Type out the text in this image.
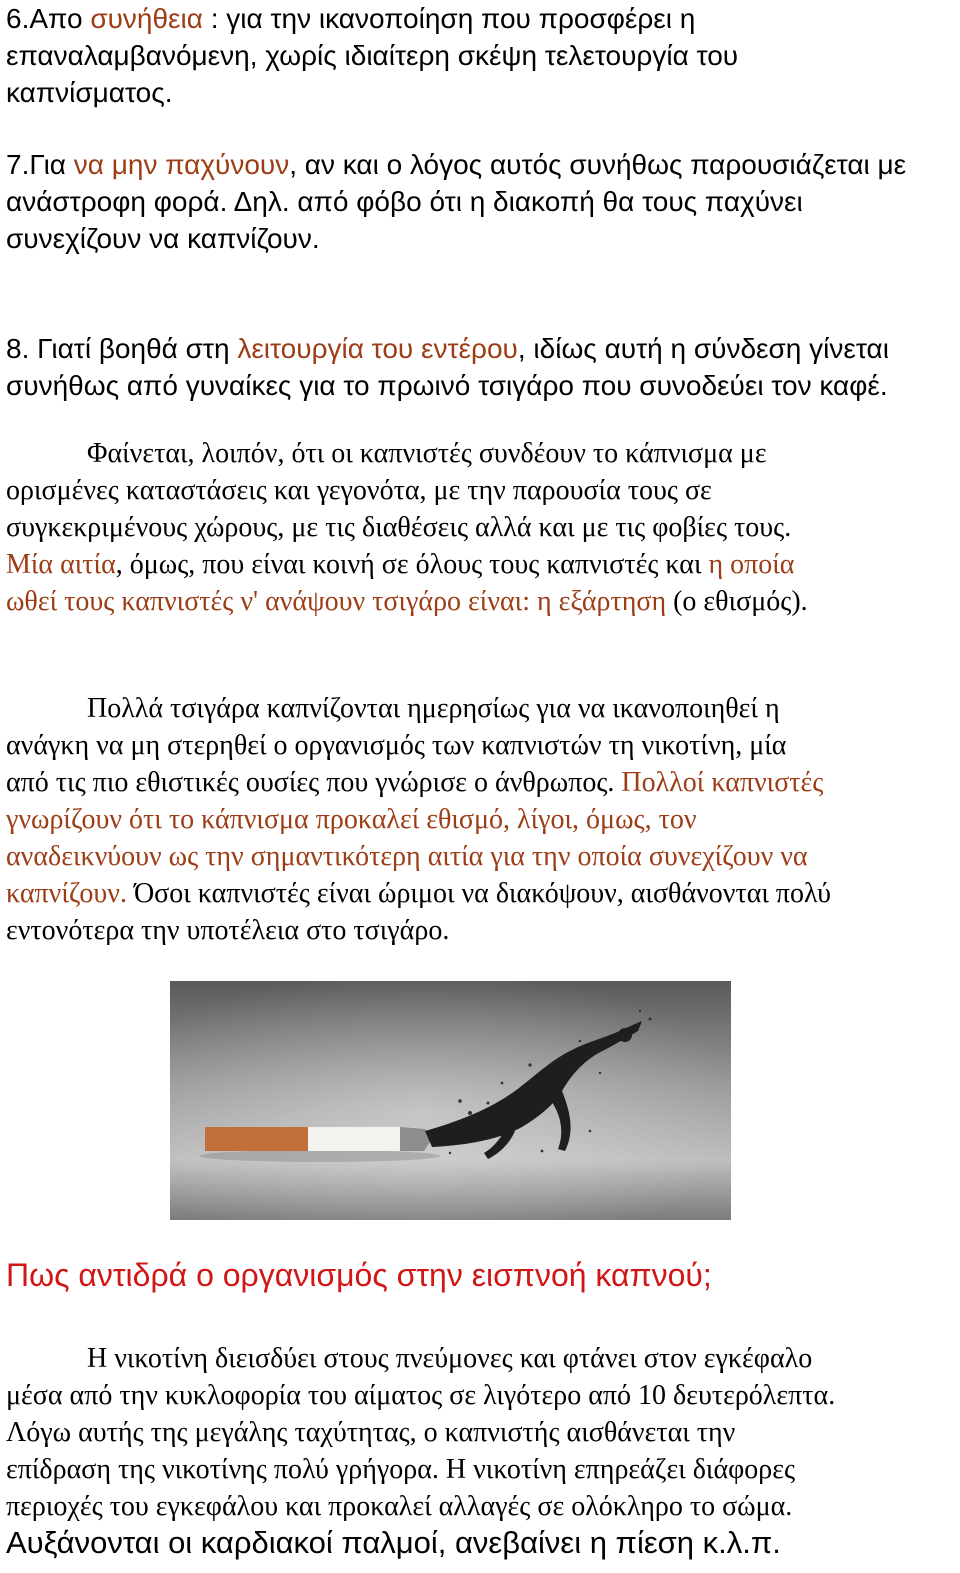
6.Απο συνήθεια : για την ικανοποίηση που προσφέρει η
επαναλαμβανόμενη, χωρίς ιδιαίτερη σκέψη τελετουργία του
καπνίσματος.
7.Για να μην παχύνουν, αν και ο λόγος αυτός συνήθως παρουσιάζεται με
ανάστροφη φορά. Δηλ. από φόβο ότι η διακοπή θα τους παχύνει
συνεχίζουν να καπνίζουν.
8. Γιατί βοηθά στη λειτουργία του εντέρου, ιδίως αυτή η σύνδεση γίνεται
συνήθως από γυναίκες για το πρωινό τσιγάρο που συνοδεύει τον καφέ.
Φαίνεται, λοιπόν, ότι οι καπνιστές συνδέουν το κάπνισμα με
ορισμένες καταστάσεις και γεγονότα, με την παρουσία τους σε
συγκεκριμένους χώρους, με τις διαθέσεις αλλά και με τις φοβίες τους.
Μία αιτία, όμως, που είναι κοινή σε όλους τους καπνιστές και η οποία
ωθεί τους καπνιστές ν' ανάψουν τσιγάρο είναι: η εξάρτηση (ο εθισμός).
Πολλά τσιγάρα καπνίζονται ημερησίως για να ικανοποιηθεί η
ανάγκη να μη στερηθεί ο οργανισμός των καπνιστών τη νικοτίνη, μία
από τις πιο εθιστικές ουσίες που γνώρισε ο άνθρωπος. Πολλοί καπνιστές
γνωρίζουν ότι το κάπνισμα προκαλεί εθισμό, λίγοι, όμως, τον
αναδεικνύουν ως την σημαντικότερη αιτία για την οποία συνεχίζουν να
καπνίζουν. Όσοι καπνιστές είναι ώριμοι να διακόψουν, αισθάνονται πολύ
εντονότερα την υποτέλεια στο τσιγάρο.
Πως αντιδρά ο οργανισμός στην εισπνοή καπνού;
Η νικοτίνη διεισδύει στους πνεύμονες και φτάνει στον εγκέφαλο
μέσα από την κυκλοφορία του αίματος σε λιγότερο από 10 δευτερόλεπτα.
Λόγω αυτής της μεγάλης ταχύτητας, ο καπνιστής αισθάνεται την
επίδραση της νικοτίνης πολύ γρήγορα. Η νικοτίνη επηρεάζει διάφορες
περιοχές του εγκεφάλου και προκαλεί αλλαγές σε ολόκληρο το σώμα.
Αυξάνονται οι καρδιακοί παλμοί, ανεβαίνει η πίεση κ.λ.π.
